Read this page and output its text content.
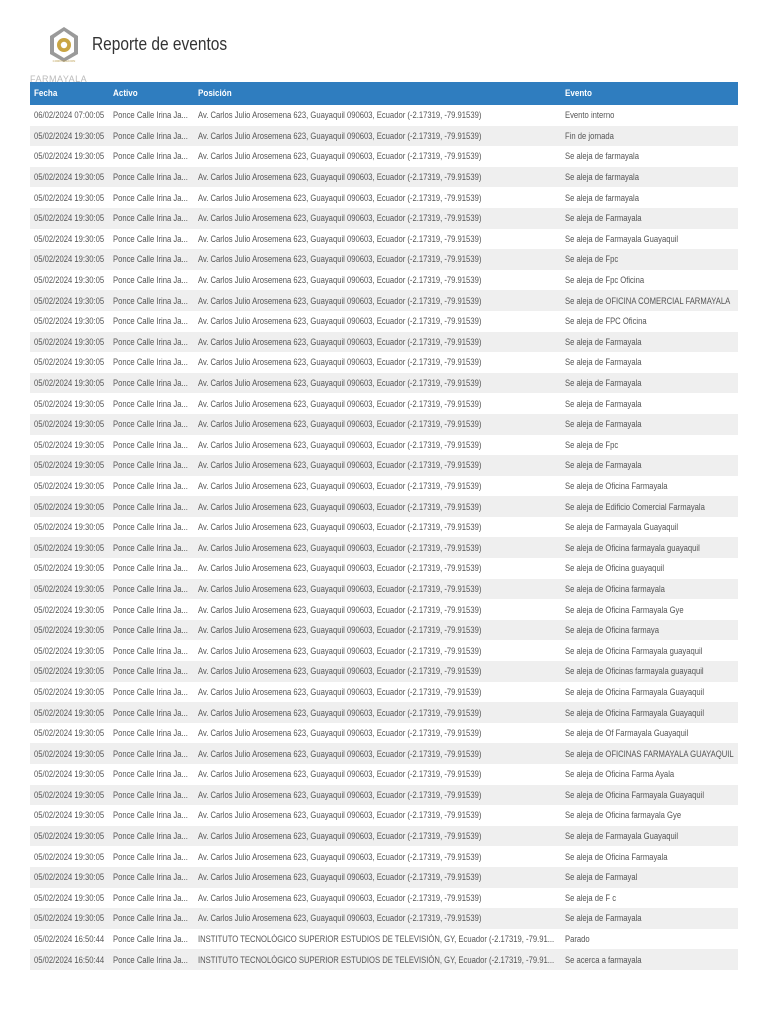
CORPORACION
FARMAYALA
Reporte de eventos
Fecha	Activo	Posición	Evento
06/02/2024 07:00:05	Ponce Calle Irina Ja...	Av. Carlos Julio Arosemena 623, Guayaquil 090603, Ecuador (-2.17319, -79.91539)	Evento interno
05/02/2024 19:30:05	Ponce Calle Irina Ja...	Av. Carlos Julio Arosemena 623, Guayaquil 090603, Ecuador (-2.17319, -79.91539)	Fin de jornada
05/02/2024 19:30:05	Ponce Calle Irina Ja...	Av. Carlos Julio Arosemena 623, Guayaquil 090603, Ecuador (-2.17319, -79.91539)	Se aleja de farmayala
05/02/2024 19:30:05	Ponce Calle Irina Ja...	Av. Carlos Julio Arosemena 623, Guayaquil 090603, Ecuador (-2.17319, -79.91539)	Se aleja de farmayala
05/02/2024 19:30:05	Ponce Calle Irina Ja...	Av. Carlos Julio Arosemena 623, Guayaquil 090603, Ecuador (-2.17319, -79.91539)	Se aleja de farmayala
05/02/2024 19:30:05	Ponce Calle Irina Ja...	Av. Carlos Julio Arosemena 623, Guayaquil 090603, Ecuador (-2.17319, -79.91539)	Se aleja de Farmayala
05/02/2024 19:30:05	Ponce Calle Irina Ja...	Av. Carlos Julio Arosemena 623, Guayaquil 090603, Ecuador (-2.17319, -79.91539)	Se aleja de Farmayala Guayaquil
05/02/2024 19:30:05	Ponce Calle Irina Ja...	Av. Carlos Julio Arosemena 623, Guayaquil 090603, Ecuador (-2.17319, -79.91539)	Se aleja de Fpc
05/02/2024 19:30:05	Ponce Calle Irina Ja...	Av. Carlos Julio Arosemena 623, Guayaquil 090603, Ecuador (-2.17319, -79.91539)	Se aleja de Fpc Oficina
05/02/2024 19:30:05	Ponce Calle Irina Ja...	Av. Carlos Julio Arosemena 623, Guayaquil 090603, Ecuador (-2.17319, -79.91539)	Se aleja de OFICINA COMERCIAL FARMAYALA
05/02/2024 19:30:05	Ponce Calle Irina Ja...	Av. Carlos Julio Arosemena 623, Guayaquil 090603, Ecuador (-2.17319, -79.91539)	Se aleja de FPC Oficina
05/02/2024 19:30:05	Ponce Calle Irina Ja...	Av. Carlos Julio Arosemena 623, Guayaquil 090603, Ecuador (-2.17319, -79.91539)	Se aleja de Farmayala
05/02/2024 19:30:05	Ponce Calle Irina Ja...	Av. Carlos Julio Arosemena 623, Guayaquil 090603, Ecuador (-2.17319, -79.91539)	Se aleja de Farmayala
05/02/2024 19:30:05	Ponce Calle Irina Ja...	Av. Carlos Julio Arosemena 623, Guayaquil 090603, Ecuador (-2.17319, -79.91539)	Se aleja de Farmayala
05/02/2024 19:30:05	Ponce Calle Irina Ja...	Av. Carlos Julio Arosemena 623, Guayaquil 090603, Ecuador (-2.17319, -79.91539)	Se aleja de Farmayala
05/02/2024 19:30:05	Ponce Calle Irina Ja...	Av. Carlos Julio Arosemena 623, Guayaquil 090603, Ecuador (-2.17319, -79.91539)	Se aleja de Farmayala
05/02/2024 19:30:05	Ponce Calle Irina Ja...	Av. Carlos Julio Arosemena 623, Guayaquil 090603, Ecuador (-2.17319, -79.91539)	Se aleja de Fpc
05/02/2024 19:30:05	Ponce Calle Irina Ja...	Av. Carlos Julio Arosemena 623, Guayaquil 090603, Ecuador (-2.17319, -79.91539)	Se aleja de Farmayala
05/02/2024 19:30:05	Ponce Calle Irina Ja...	Av. Carlos Julio Arosemena 623, Guayaquil 090603, Ecuador (-2.17319, -79.91539)	Se aleja de Oficina Farmayala
05/02/2024 19:30:05	Ponce Calle Irina Ja...	Av. Carlos Julio Arosemena 623, Guayaquil 090603, Ecuador (-2.17319, -79.91539)	Se aleja de Edificio Comercial Farmayala
05/02/2024 19:30:05	Ponce Calle Irina Ja...	Av. Carlos Julio Arosemena 623, Guayaquil 090603, Ecuador (-2.17319, -79.91539)	Se aleja de Farmayala Guayaquil
05/02/2024 19:30:05	Ponce Calle Irina Ja...	Av. Carlos Julio Arosemena 623, Guayaquil 090603, Ecuador (-2.17319, -79.91539)	Se aleja de Oficina farmayala guayaquil
05/02/2024 19:30:05	Ponce Calle Irina Ja...	Av. Carlos Julio Arosemena 623, Guayaquil 090603, Ecuador (-2.17319, -79.91539)	Se aleja de Oficina guayaquil
05/02/2024 19:30:05	Ponce Calle Irina Ja...	Av. Carlos Julio Arosemena 623, Guayaquil 090603, Ecuador (-2.17319, -79.91539)	Se aleja de Oficina farmayala
05/02/2024 19:30:05	Ponce Calle Irina Ja...	Av. Carlos Julio Arosemena 623, Guayaquil 090603, Ecuador (-2.17319, -79.91539)	Se aleja de Oficina Farmayala Gye
05/02/2024 19:30:05	Ponce Calle Irina Ja...	Av. Carlos Julio Arosemena 623, Guayaquil 090603, Ecuador (-2.17319, -79.91539)	Se aleja de Oficina farmaya
05/02/2024 19:30:05	Ponce Calle Irina Ja...	Av. Carlos Julio Arosemena 623, Guayaquil 090603, Ecuador (-2.17319, -79.91539)	Se aleja de Oficina Farmayala guayaquil
05/02/2024 19:30:05	Ponce Calle Irina Ja...	Av. Carlos Julio Arosemena 623, Guayaquil 090603, Ecuador (-2.17319, -79.91539)	Se aleja de Oficinas farmayala guayaquil
05/02/2024 19:30:05	Ponce Calle Irina Ja...	Av. Carlos Julio Arosemena 623, Guayaquil 090603, Ecuador (-2.17319, -79.91539)	Se aleja de Oficina Farmayala Guayaquil
05/02/2024 19:30:05	Ponce Calle Irina Ja...	Av. Carlos Julio Arosemena 623, Guayaquil 090603, Ecuador (-2.17319, -79.91539)	Se aleja de Oficina Farmayala Guayaquil
05/02/2024 19:30:05	Ponce Calle Irina Ja...	Av. Carlos Julio Arosemena 623, Guayaquil 090603, Ecuador (-2.17319, -79.91539)	Se aleja de Of Farmayala Guayaquil
05/02/2024 19:30:05	Ponce Calle Irina Ja...	Av. Carlos Julio Arosemena 623, Guayaquil 090603, Ecuador (-2.17319, -79.91539)	Se aleja de OFICINAS FARMAYALA GUAYAQUIL
05/02/2024 19:30:05	Ponce Calle Irina Ja...	Av. Carlos Julio Arosemena 623, Guayaquil 090603, Ecuador (-2.17319, -79.91539)	Se aleja de Oficina Farma Ayala
05/02/2024 19:30:05	Ponce Calle Irina Ja...	Av. Carlos Julio Arosemena 623, Guayaquil 090603, Ecuador (-2.17319, -79.91539)	Se aleja de Oficina Farmayala Guayaquil
05/02/2024 19:30:05	Ponce Calle Irina Ja...	Av. Carlos Julio Arosemena 623, Guayaquil 090603, Ecuador (-2.17319, -79.91539)	Se aleja de Oficina farmayala Gye
05/02/2024 19:30:05	Ponce Calle Irina Ja...	Av. Carlos Julio Arosemena 623, Guayaquil 090603, Ecuador (-2.17319, -79.91539)	Se aleja de Farmayala Guayaquil
05/02/2024 19:30:05	Ponce Calle Irina Ja...	Av. Carlos Julio Arosemena 623, Guayaquil 090603, Ecuador (-2.17319, -79.91539)	Se aleja de Oficina Farmayala
05/02/2024 19:30:05	Ponce Calle Irina Ja...	Av. Carlos Julio Arosemena 623, Guayaquil 090603, Ecuador (-2.17319, -79.91539)	Se aleja de Farmayal
05/02/2024 19:30:05	Ponce Calle Irina Ja...	Av. Carlos Julio Arosemena 623, Guayaquil 090603, Ecuador (-2.17319, -79.91539)	Se aleja de F c
05/02/2024 19:30:05	Ponce Calle Irina Ja...	Av. Carlos Julio Arosemena 623, Guayaquil 090603, Ecuador (-2.17319, -79.91539)	Se aleja de Farmayala
05/02/2024 16:50:44	Ponce Calle Irina Ja...	INSTITUTO TECNOLÓGICO SUPERIOR ESTUDIOS DE TELEVISIÓN, GY, Ecuador (-2.17319, -79.91...	Parado
05/02/2024 16:50:44	Ponce Calle Irina Ja...	INSTITUTO TECNOLÓGICO SUPERIOR ESTUDIOS DE TELEVISIÓN, GY, Ecuador (-2.17319, -79.91...	Se acerca a farmayala
